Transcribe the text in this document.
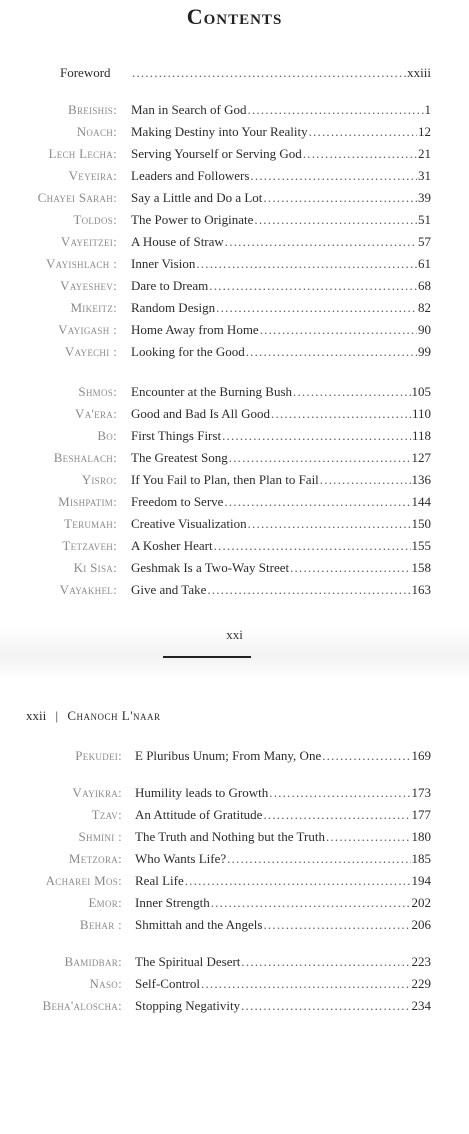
Contents
Foreword .....	xxiii
Breishis: Man in Search of God .....	1
Noach: Making Destiny into Your Reality .....	12
Lech Lecha: Serving Yourself or Serving God .....	21
Veyeira: Leaders and Followers .....	31
Chayei Sarah: Say a Little and Do a Lot .....	39
Toldos: The Power to Originate .....	51
Vayeitzei: A House of Straw .....	57
Vayishlach : Inner Vision .....	61
Vayeshev: Dare to Dream .....	68
Mikeitz: Random Design .....	82
Vayigash : Home Away from Home .....	90
Vayechi : Looking for the Good .....	99
Shmos: Encounter at the Burning Bush .....	105
Va'era: Good and Bad Is All Good .....	110
Bo: First Things First .....	118
Beshalach: The Greatest Song .....	127
Yisro: If You Fail to Plan, then Plan to Fail .....	136
Mishpatim: Freedom to Serve .....	144
Terumah: Creative Visualization .....	150
Tetzaveh: A Kosher Heart .....	155
Ki Sisa: Geshmak Is a Two-Way Street .....	158
Vayakhel: Give and Take .....	163
xxi
xxii | Chanoch L'naar
Pekudei: E Pluribus Unum; From Many, One .....	169
Vayikra: Humility leads to Growth .....	173
Tzav: An Attitude of Gratitude .....	177
Shmini : The Truth and Nothing but the Truth .....	180
Metzora: Who Wants Life? .....	185
Acharei Mos: Real Life .....	194
Emor: Inner Strength .....	202
Behar : Shmittah and the Angels .....	206
Bamidbar: The Spiritual Desert .....	223
Naso: Self-Control .....	229
Beha'aloscha: Stopping Negativity .....	234
